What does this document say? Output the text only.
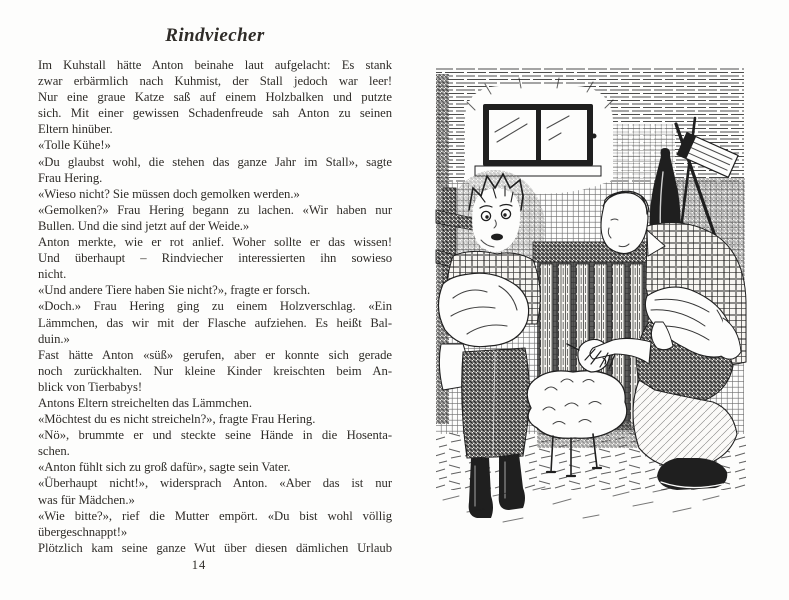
Rindviecher
Im Kuhstall hätte Anton beinahe laut aufgelacht: Es stank
zwar erbärmlich nach Kuhmist, der Stall jedoch war leer!
Nur eine graue Katze saß auf einem Holzbalken und putzte
sich. Mit einer gewissen Schadenfreude sah Anton zu seinen
Eltern hinüber.
«Tolle Kühe!»
«Du glaubst wohl, die stehen das ganze Jahr im Stall», sagte
Frau Hering.
«Wieso nicht? Sie müssen doch gemolken werden.»
«Gemolken?» Frau Hering begann zu lachen. «Wir haben nur
Bullen. Und die sind jetzt auf der Weide.»
Anton merkte, wie er rot anlief. Woher sollte er das wissen!
Und überhaupt – Rindviecher interessierten ihn sowieso
nicht.
«Und andere Tiere haben Sie nicht?», fragte er forsch.
«Doch.» Frau Hering ging zu einem Holzverschlag. «Ein
Lämmchen, das wir mit der Flasche aufziehen. Es heißt Bal-
duin.»
Fast hätte Anton «süß» gerufen, aber er konnte sich gerade
noch zurückhalten. Nur kleine Kinder kreischten beim An-
blick von Tierbabys!
Antons Eltern streichelten das Lämmchen.
«Möchtest du es nicht streicheln?», fragte Frau Hering.
«Nö», brummte er und steckte seine Hände in die Hosenta-
schen.
«Anton fühlt sich zu groß dafür», sagte sein Vater.
«Überhaupt nicht!», widersprach Anton. «Aber das ist nur
was für Mädchen.»
«Wie bitte?», rief die Mutter empört. «Du bist wohl völlig
übergeschnappt!»
Plötzlich kam seine ganze Wut über diesen dämlichen Urlaub
14
